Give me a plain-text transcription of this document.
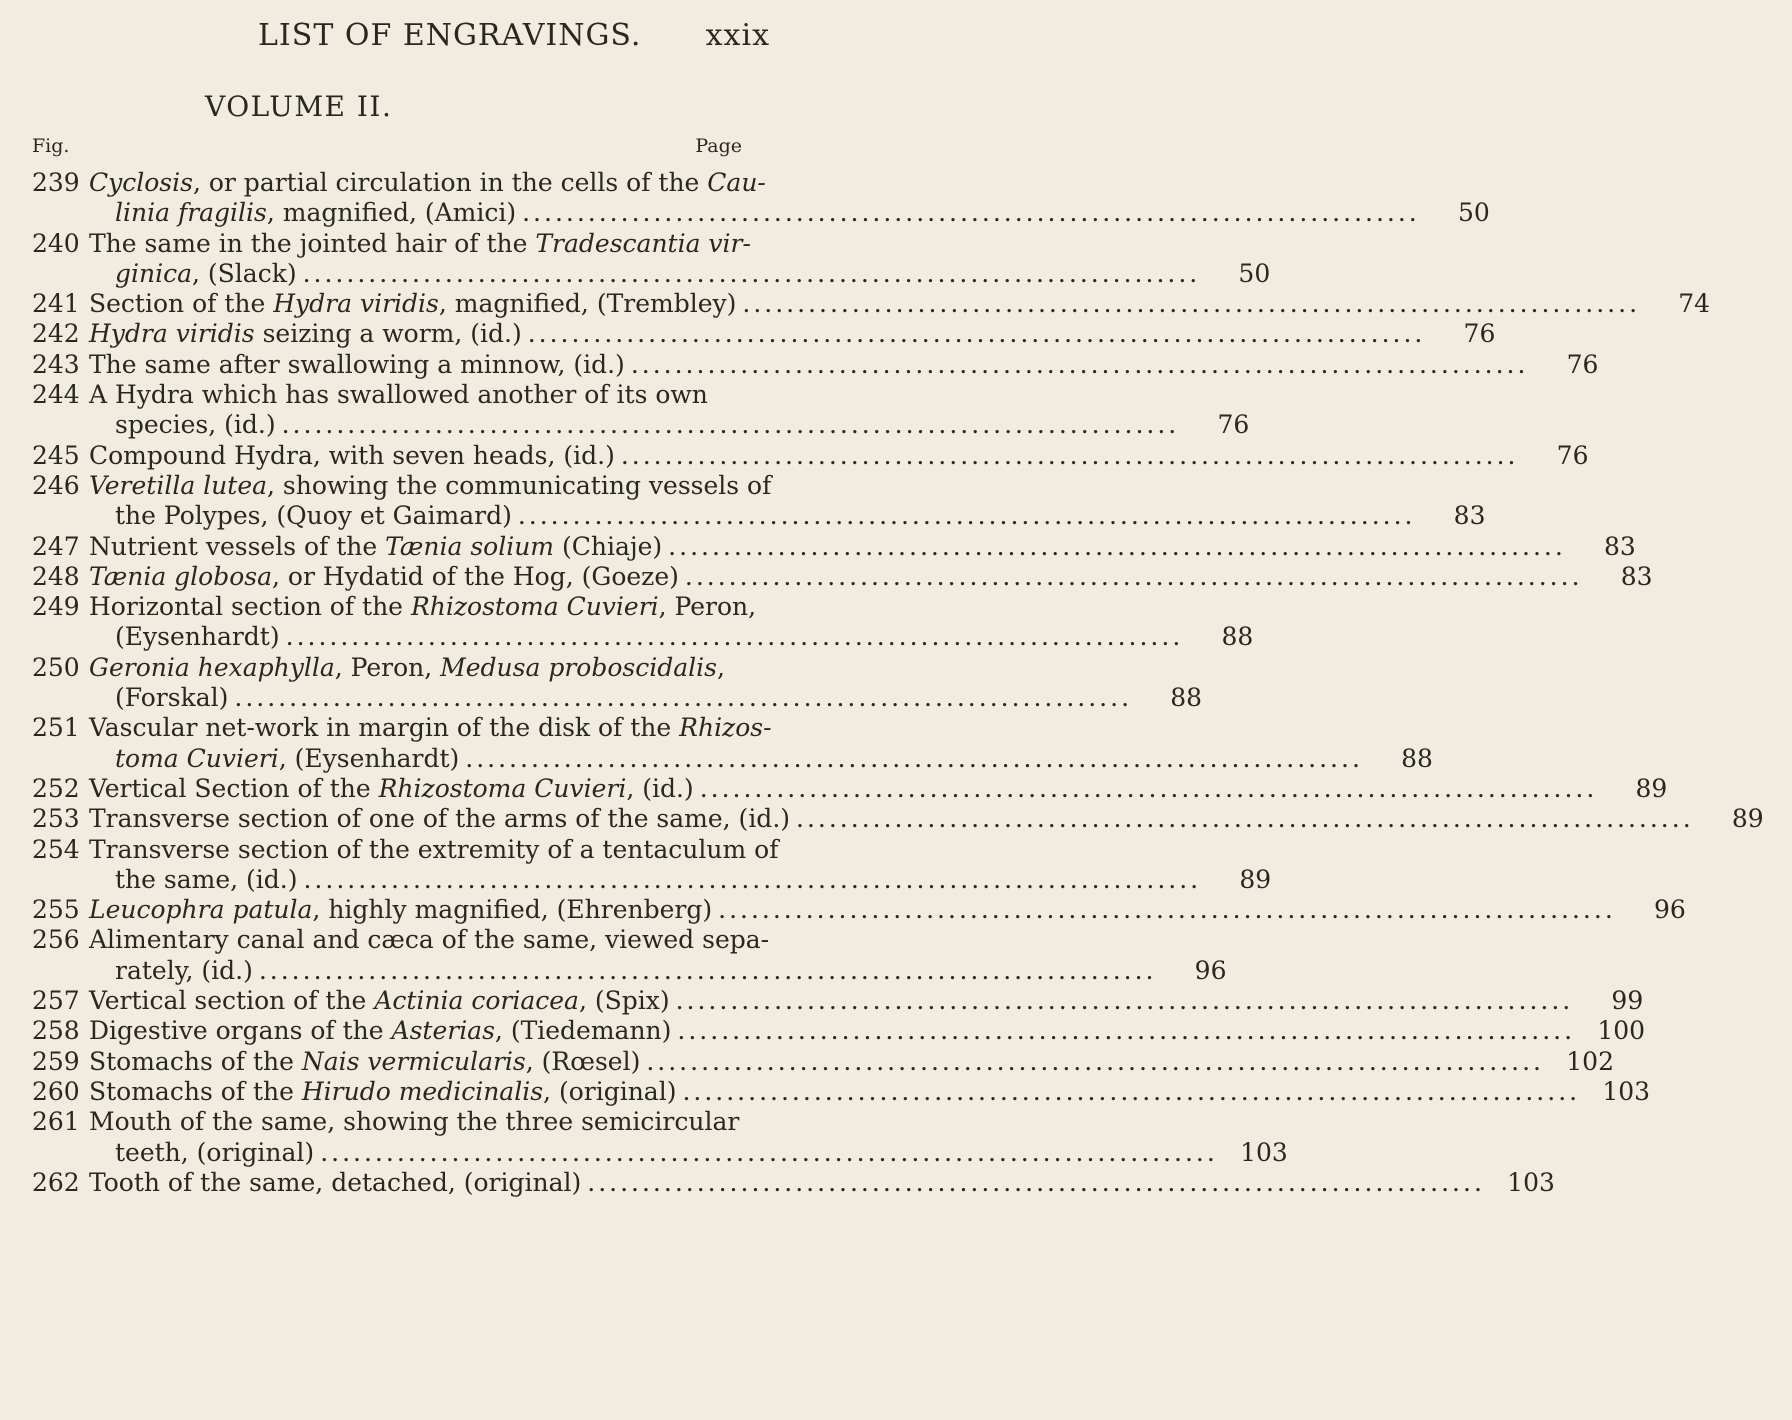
LIST OF ENGRAVINGS. xxix
VOLUME II.
Fig.	Page
239 Cyclosis, or partial circulation in the cells of the Cau-
linia fragilis, magnified, (Amici) ..................................................................................	50
240 The same in the jointed hair of the Tradescantia vir-
ginica, (Slack) ..................................................................................	50
241 Section of the Hydra viridis, magnified, (Trembley) ..................................................................................	74
242 Hydra viridis seizing a worm, (id.) ..................................................................................	76
243 The same after swallowing a minnow, (id.) ..................................................................................	76
244 A Hydra which has swallowed another of its own
species, (id.) ..................................................................................	76
245 Compound Hydra, with seven heads, (id.) ..................................................................................	76
246 Veretilla lutea, showing the communicating vessels of
the Polypes, (Quoy et Gaimard) ..................................................................................	83
247 Nutrient vessels of the Tænia solium (Chiaje) ..................................................................................	83
248 Tænia globosa, or Hydatid of the Hog, (Goeze) ..................................................................................	83
249 Horizontal section of the Rhizostoma Cuvieri, Peron,
(Eysenhardt) ..................................................................................	88
250 Geronia hexaphylla, Peron, Medusa proboscidalis,
(Forskal) ..................................................................................	88
251 Vascular net-work in margin of the disk of the Rhizos-
toma Cuvieri, (Eysenhardt) ..................................................................................	88
252 Vertical Section of the Rhizostoma Cuvieri, (id.) ..................................................................................	89
253 Transverse section of one of the arms of the same, (id.) ..................................................................................	89
254 Transverse section of the extremity of a tentaculum of
the same, (id.) ..................................................................................	89
255 Leucophra patula, highly magnified, (Ehrenberg) ..................................................................................	96
256 Alimentary canal and cæca of the same, viewed sepa-
rately, (id.) ..................................................................................	96
257 Vertical section of the Actinia coriacea, (Spix) ..................................................................................	99
258 Digestive organs of the Asterias, (Tiedemann) .................................................................................. 100
259 Stomachs of the Nais vermicularis, (Rœsel) .................................................................................. 102
260 Stomachs of the Hirudo medicinalis, (original) .................................................................................. 103
261 Mouth of the same, showing the three semicircular
teeth, (original) .................................................................................. 103
262 Tooth of the same, detached, (original) .................................................................................. 103
